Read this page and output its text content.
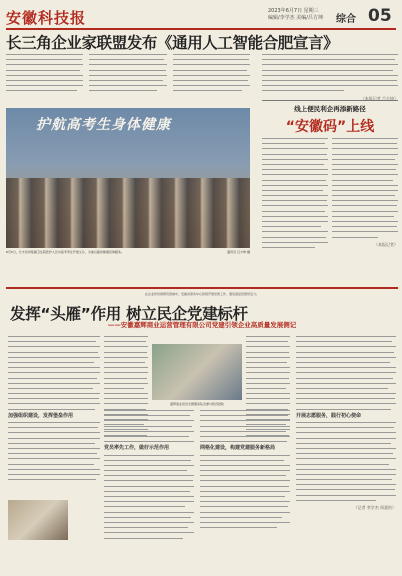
安徽科技报	2023年6月7日 星期三
编辑/李学杰 美编/吕方坤 综合 05
长三角企业家联盟发布《通用人工智能合肥宣言》
（本报记者 吕方坤）
护航高考生身体健康
6月5日，长丰县岗集镇卫生院医护人员为高考考生开展义诊，为他们提供健康咨询服务。	通讯员 吕方坤 摄
线上便民利企再添新路径
“安徽码”上线
（本报记者）
在企业和党建研究领域中，安徽省商务中心积极开展党建工作，激发基层党组织活力。
发挥“头雁”作用 树立民企党建标杆
——安徽嘉辉商业运营管理有限公司党建引领企业高质量发展侧记
加强组织建设，发挥堡垒作用
嘉辉商业党员志愿服务队员参与防汛抢险
党员率先工作，做好示范作用	网格化建设，构建党建服务新格局
开展志愿服务，践行初心使命
（记者 李学杰 周嘉怡）
